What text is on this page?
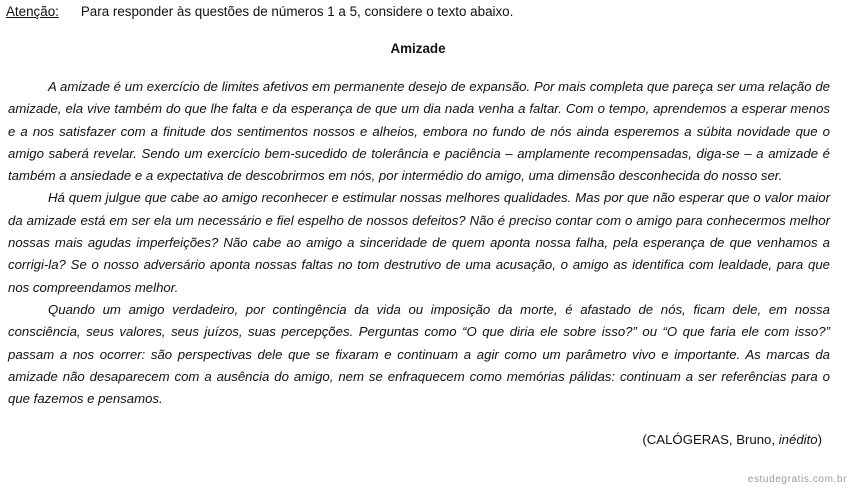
Atenção: Para responder às questões de números 1 a 5, considere o texto abaixo.
Amizade

A amizade é um exercício de limites afetivos em permanente desejo de expansão. Por mais completa que pareça ser uma relação de amizade, ela vive também do que lhe falta e da esperança de que um dia nada venha a faltar. Com o tempo, aprendemos a esperar menos e a nos satisfazer com a finitude dos sentimentos nossos e alheios, embora no fundo de nós ainda esperemos a súbita novidade que o amigo saberá revelar. Sendo um exercício bem-sucedido de tolerância e paciência – amplamente recompensadas, diga-se – a amizade é também a ansiedade e a expectativa de descobrirmos em nós, por intermédio do amigo, uma dimensão desconhecida do nosso ser.

Há quem julgue que cabe ao amigo reconhecer e estimular nossas melhores qualidades. Mas por que não esperar que o valor maior da amizade está em ser ela um necessário e fiel espelho de nossos defeitos? Não é preciso contar com o amigo para conhecermos melhor nossas mais agudas imperfeições? Não cabe ao amigo a sinceridade de quem aponta nossa falha, pela esperança de que venhamos a corrigi-la? Se o nosso adversário aponta nossas faltas no tom destrutivo de uma acusação, o amigo as identifica com lealdade, para que nos compreendamos melhor.

Quando um amigo verdadeiro, por contingência da vida ou imposição da morte, é afastado de nós, ficam dele, em nossa consciência, seus valores, seus juízos, suas percepções. Perguntas como “O que diria ele sobre isso?” ou “O que faria ele com isso?” passam a nos ocorrer: são perspectivas dele que se fixaram e continuam a agir como um parâmetro vivo e importante. As marcas da amizade não desaparecem com a ausência do amigo, nem se enfraquecem como memórias pálidas: continuam a ser referências para o que fazemos e pensamos.

(CALÓGERAS, Bruno, inédito)
estudegratis.com.br
